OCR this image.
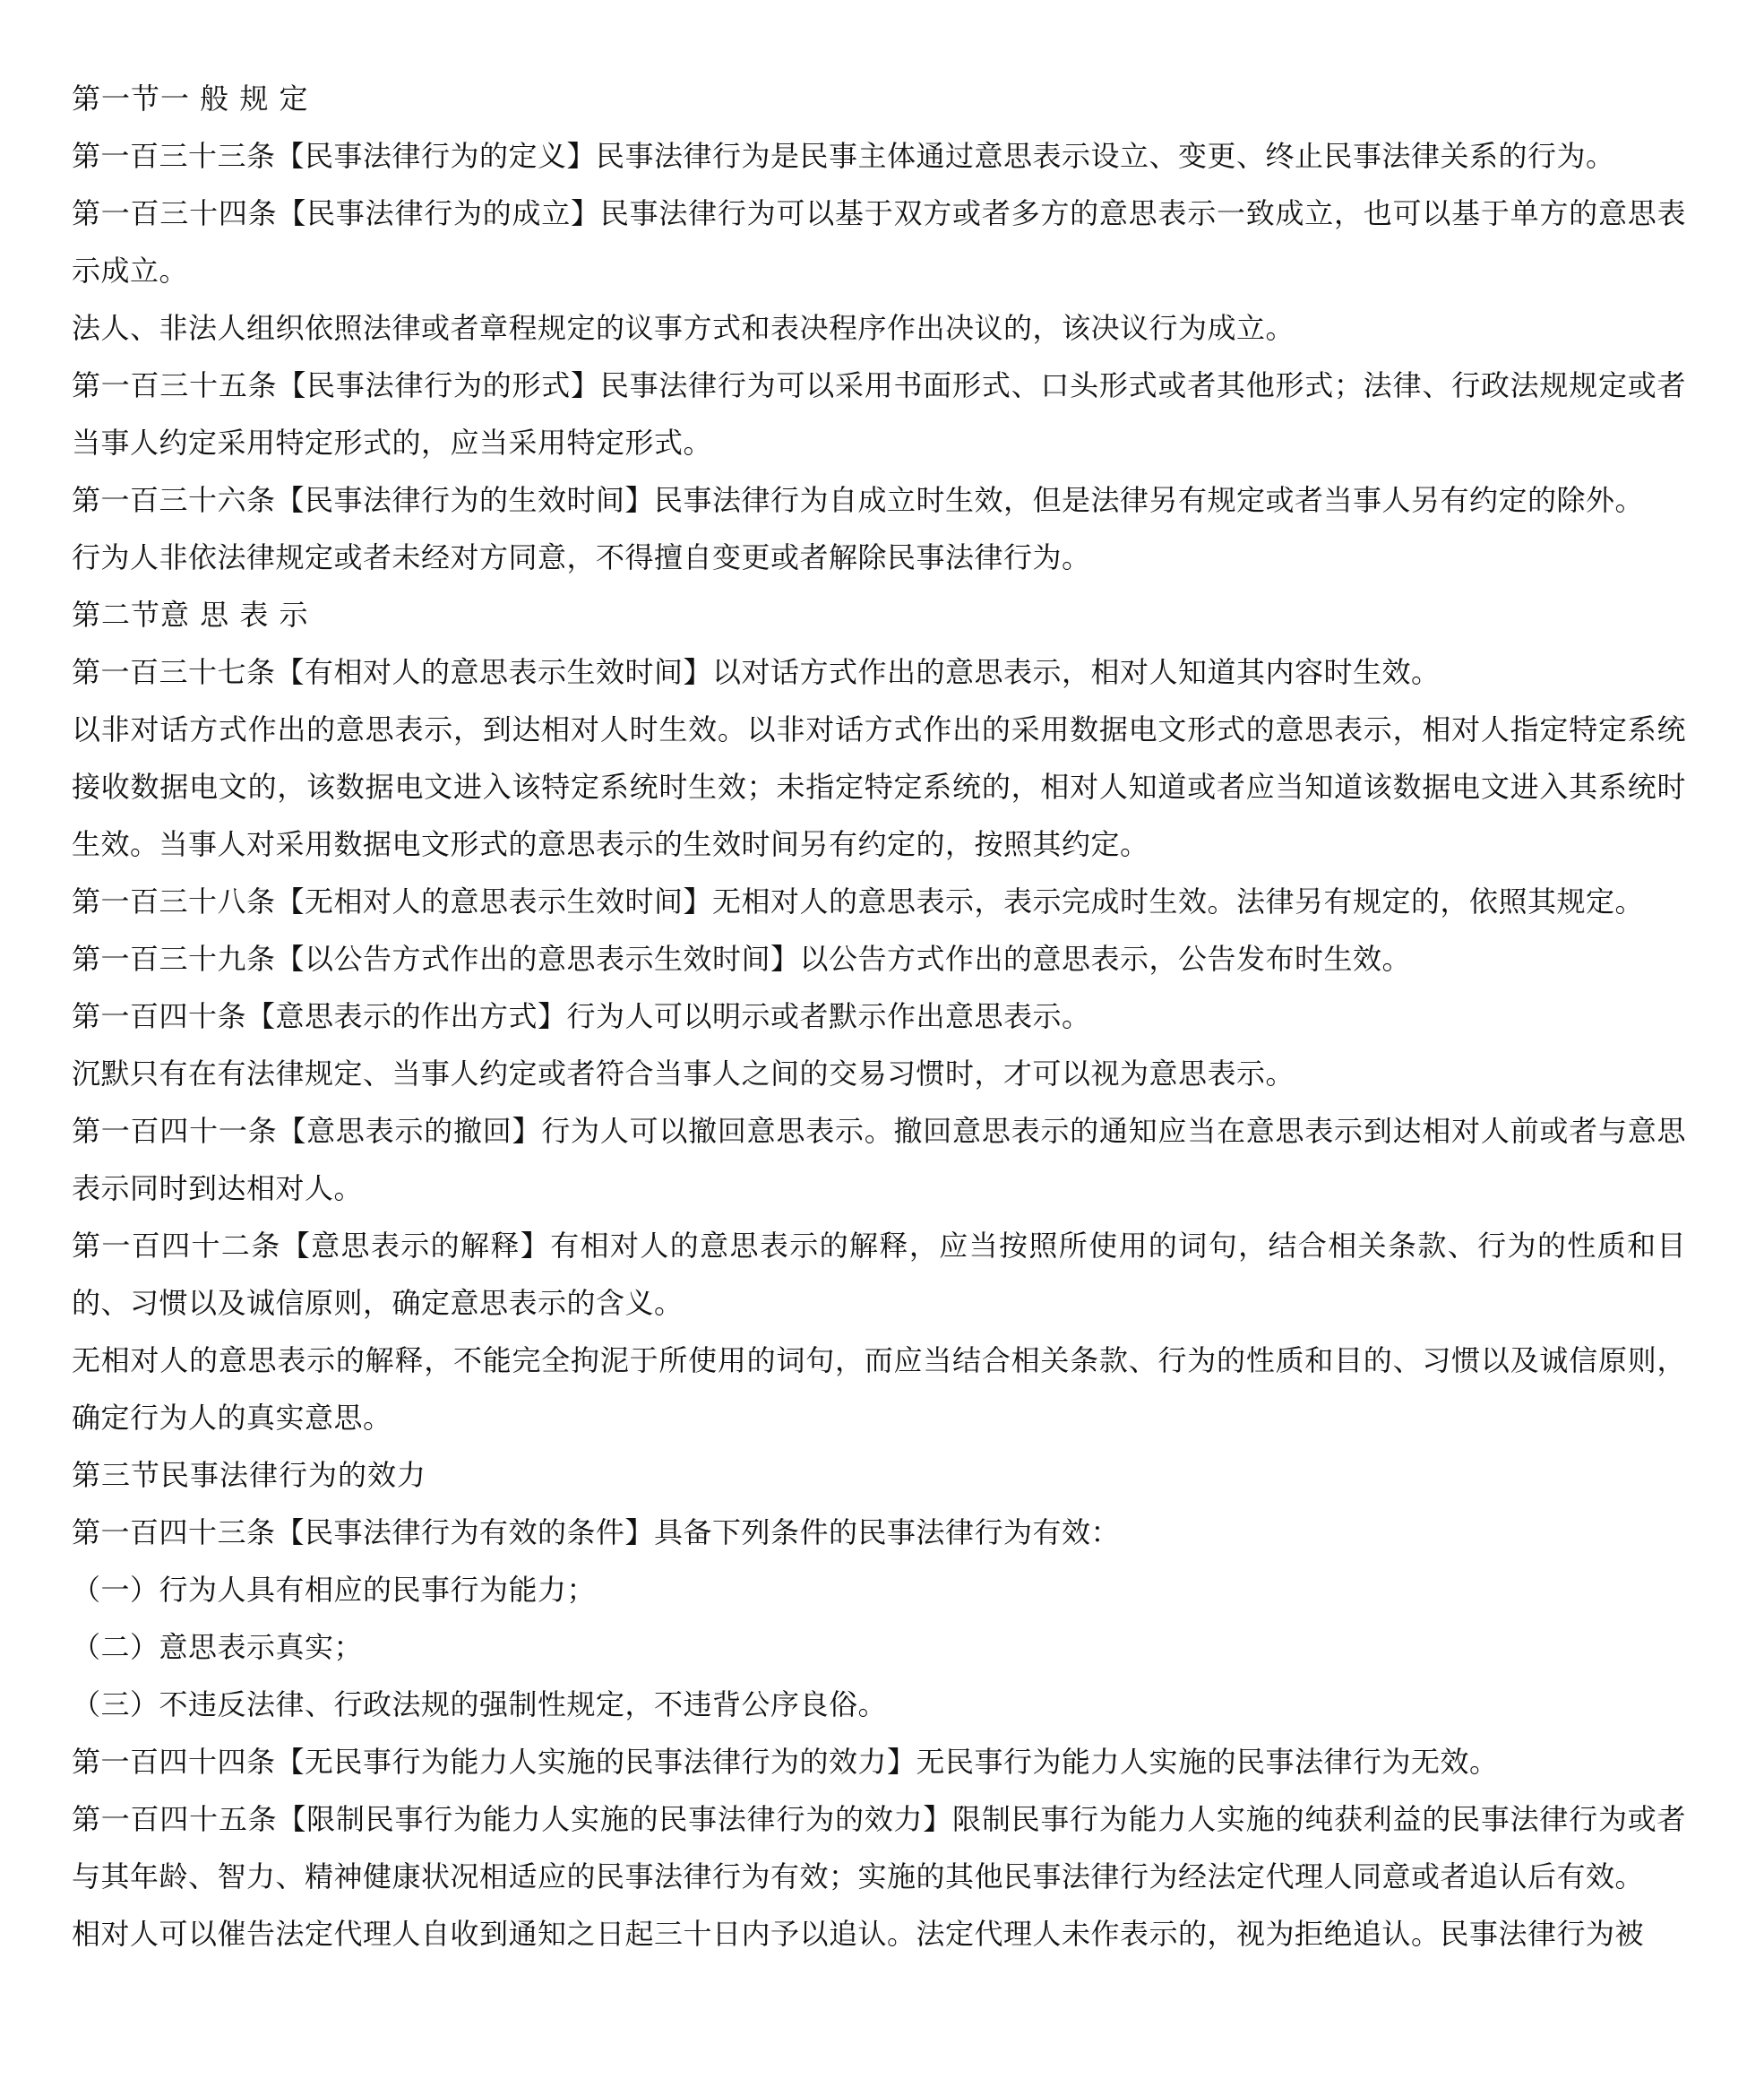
第一节一 般 规 定

第一百三十三条【民事法律行为的定义】民事法律行为是民事主体通过意思表示设立、变更、终止民事法律关系的行为。

第一百三十四条【民事法律行为的成立】民事法律行为可以基于双方或者多方的意思表示一致成立，也可以基于单方的意思表示成立。

法人、非法人组织依照法律或者章程规定的议事方式和表决程序作出决议的，该决议行为成立。

第一百三十五条【民事法律行为的形式】民事法律行为可以采用书面形式、口头形式或者其他形式；法律、行政法规规定或者当事人约定采用特定形式的，应当采用特定形式。

第一百三十六条【民事法律行为的生效时间】民事法律行为自成立时生效，但是法律另有规定或者当事人另有约定的除外。

行为人非依法律规定或者未经对方同意，不得擅自变更或者解除民事法律行为。

第二节意 思 表 示

第一百三十七条【有相对人的意思表示生效时间】以对话方式作出的意思表示，相对人知道其内容时生效。

以非对话方式作出的意思表示，到达相对人时生效。以非对话方式作出的采用数据电文形式的意思表示，相对人指定特定系统接收数据电文的，该数据电文进入该特定系统时生效；未指定特定系统的，相对人知道或者应当知道该数据电文进入其系统时生效。当事人对采用数据电文形式的意思表示的生效时间另有约定的，按照其约定。

第一百三十八条【无相对人的意思表示生效时间】无相对人的意思表示，表示完成时生效。法律另有规定的，依照其规定。

第一百三十九条【以公告方式作出的意思表示生效时间】以公告方式作出的意思表示，公告发布时生效。

第一百四十条【意思表示的作出方式】行为人可以明示或者默示作出意思表示。

沉默只有在有法律规定、当事人约定或者符合当事人之间的交易习惯时，才可以视为意思表示。

第一百四十一条【意思表示的撤回】行为人可以撤回意思表示。撤回意思表示的通知应当在意思表示到达相对人前或者与意思表示同时到达相对人。

第一百四十二条【意思表示的解释】有相对人的意思表示的解释，应当按照所使用的词句，结合相关条款、行为的性质和目的、习惯以及诚信原则，确定意思表示的含义。

无相对人的意思表示的解释，不能完全拘泥于所使用的词句，而应当结合相关条款、行为的性质和目的、习惯以及诚信原则，确定行为人的真实意思。

第三节民事法律行为的效力

第一百四十三条【民事法律行为有效的条件】具备下列条件的民事法律行为有效：

（一）行为人具有相应的民事行为能力；

（二）意思表示真实；

（三）不违反法律、行政法规的强制性规定，不违背公序良俗。

第一百四十四条【无民事行为能力人实施的民事法律行为的效力】无民事行为能力人实施的民事法律行为无效。

第一百四十五条【限制民事行为能力人实施的民事法律行为的效力】限制民事行为能力人实施的纯获利益的民事法律行为或者与其年龄、智力、精神健康状况相适应的民事法律行为有效；实施的其他民事法律行为经法定代理人同意或者追认后有效。

相对人可以催告法定代理人自收到通知之日起三十日内予以追认。法定代理人未作表示的，视为拒绝追认。民事法律行为被
